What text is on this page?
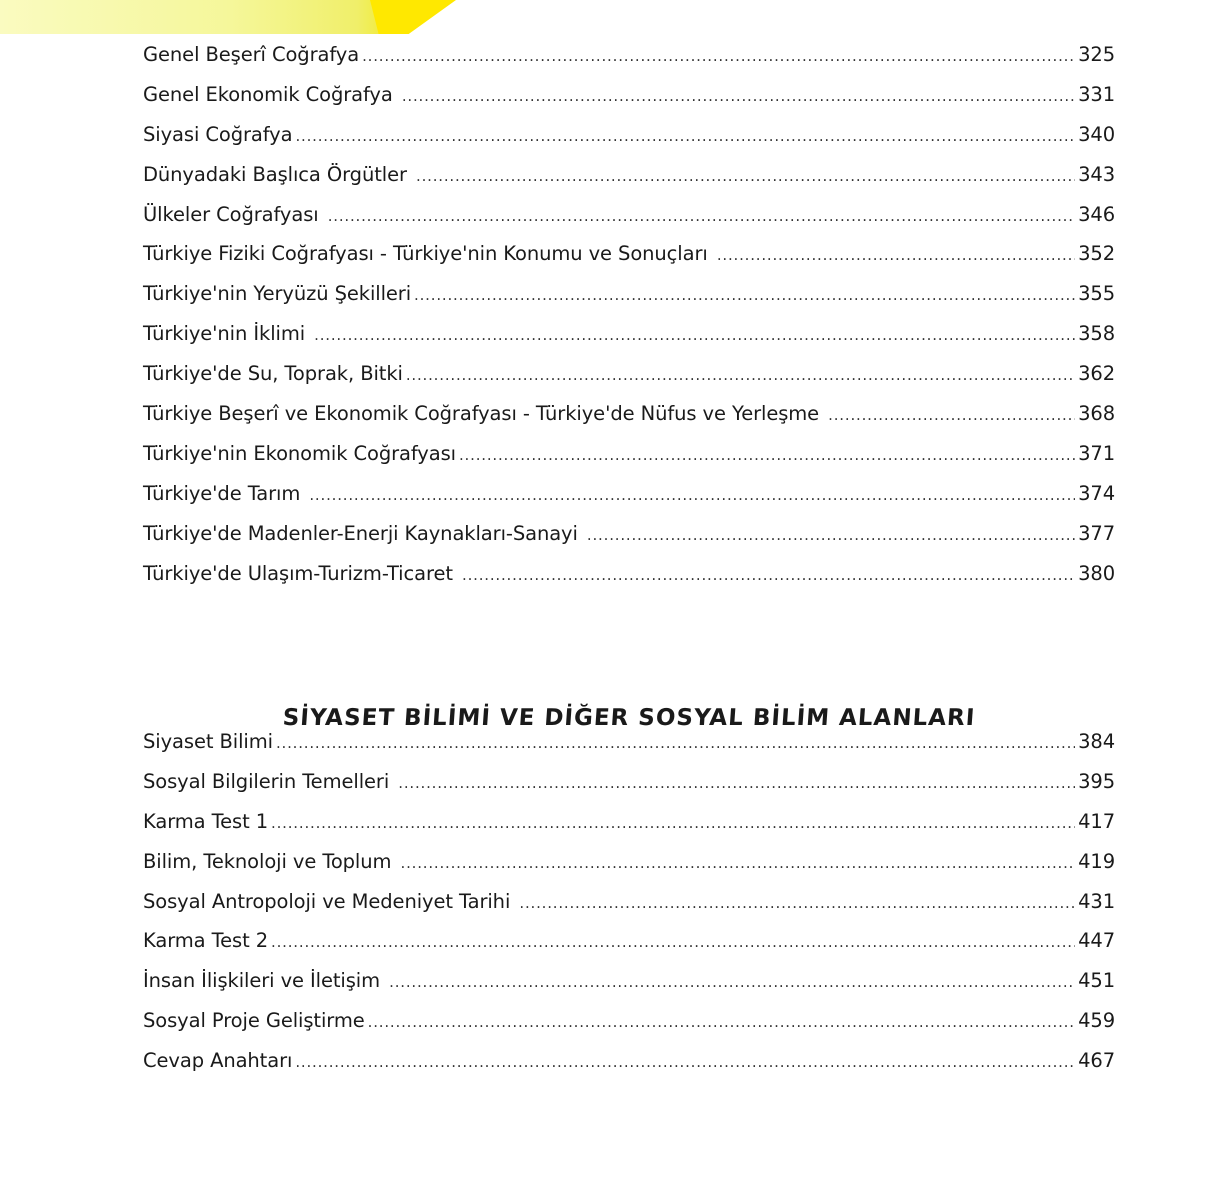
Genel Beşerî Coğrafya .....	325
Genel Ekonomik Coğrafya .....	331
Siyasi Coğrafya .....	340
Dünyadaki Başlıca Örgütler .....	343
Ülkeler Coğrafyası .....	346
Türkiye Fiziki Coğrafyası - Türkiye'nin Konumu ve Sonuçları .....	352
Türkiye'nin Yeryüzü Şekilleri .....	355
Türkiye'nin İklimi .....	358
Türkiye'de Su, Toprak, Bitki .....	362
Türkiye Beşerî ve Ekonomik Coğrafyası - Türkiye'de Nüfus ve Yerleşme .....	368
Türkiye'nin Ekonomik Coğrafyası .....	371
Türkiye'de Tarım .....	374
Türkiye'de Madenler-Enerji Kaynakları-Sanayi .....	377
Türkiye'de Ulaşım-Turizm-Ticaret .....	380
SİYASET BİLİMİ VE DİĞER SOSYAL BİLİM ALANLARI
Siyaset Bilimi .....	384
Sosyal Bilgilerin Temelleri .....	395
Karma Test 1 .....	417
Bilim, Teknoloji ve Toplum .....	419
Sosyal Antropoloji ve Medeniyet Tarihi .....	431
Karma Test 2 .....	447
İnsan İlişkileri ve İletişim .....	451
Sosyal Proje Geliştirme .....	459
Cevap Anahtarı .....	467
